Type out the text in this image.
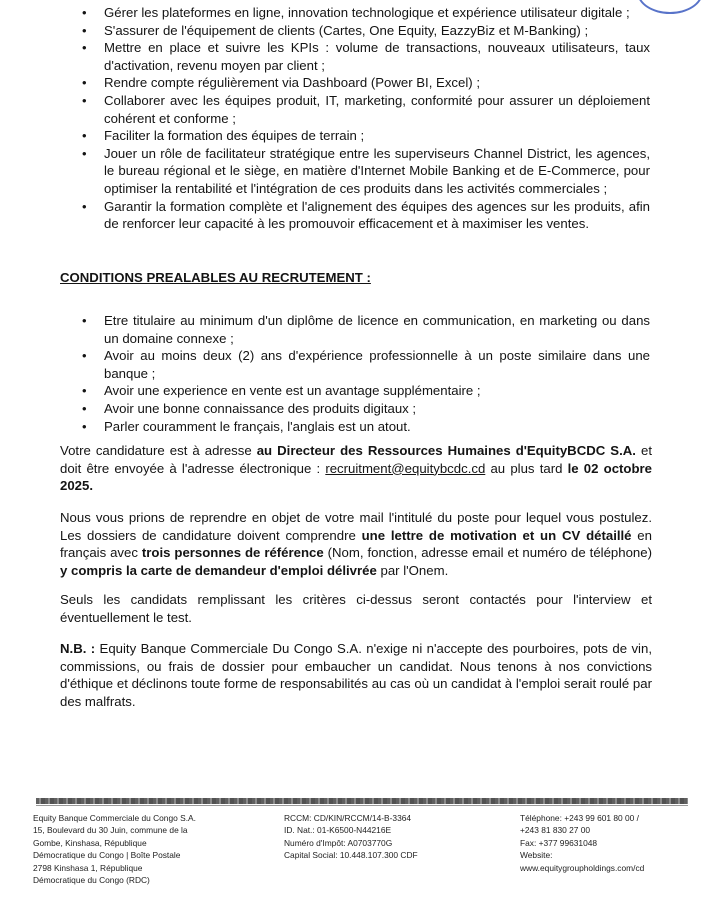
• Gérer les plateformes en ligne, innovation technologique et expérience utilisateur digitale ;
• S'assurer de l'équipement de clients (Cartes, One Equity, EazzyBiz et M-Banking) ;
• Mettre en place et suivre les KPIs : volume de transactions, nouveaux utilisateurs, taux d'activation, revenu moyen par client ;
• Rendre compte régulièrement via Dashboard (Power BI, Excel) ;
• Collaborer avec les équipes produit, IT, marketing, conformité pour assurer un déploiement cohérent et conforme ;
• Faciliter la formation des équipes de terrain ;
• Jouer un rôle de facilitateur stratégique entre les superviseurs Channel District, les agences, le bureau régional et le siège, en matière d'Internet Mobile Banking et de E-Commerce, pour optimiser la rentabilité et l'intégration de ces produits dans les activités commerciales ;
• Garantir la formation complète et l'alignement des équipes des agences sur les produits, afin de renforcer leur capacité à les promouvoir efficacement et à maximiser les ventes.
CONDITIONS PREALABLES AU RECRUTEMENT :
• Etre titulaire au minimum d'un diplôme de licence en communication, en marketing ou dans un domaine connexe ;
• Avoir au moins deux (2) ans d'expérience professionnelle à un poste similaire dans une banque ;
• Avoir une experience en vente est un avantage supplémentaire ;
• Avoir une bonne connaissance des produits digitaux ;
• Parler couramment le français, l'anglais est un atout.

Votre candidature est à adresse au Directeur des Ressources Humaines d'EquityBCDC S.A. et doit être envoyée à l'adresse électronique : recruitment@equitybcdc.cd au plus tard le 02 octobre 2025.

Nous vous prions de reprendre en objet de votre mail l'intitulé du poste pour lequel vous postulez. Les dossiers de candidature doivent comprendre une lettre de motivation et un CV détaillé en français avec trois personnes de référence (Nom, fonction, adresse email et numéro de téléphone) y compris la carte de demandeur d'emploi délivrée par l'Onem.

Seuls les candidats remplissant les critères ci-dessus seront contactés pour l'interview et éventuellement le test.

N.B. : Equity Banque Commerciale Du Congo S.A. n'exige ni n'accepte des pourboires, pots de vin, commissions, ou frais de dossier pour embaucher un candidat. Nous tenons à nos convictions d'éthique et déclinons toute forme de responsabilités au cas où un candidat à l'emploi serait roulé par des malfrats.

Equity Banque Commerciale du Congo S.A.
15, Boulevard du 30 Juin, commune de la
Gombe, Kinshasa, République
Démocratique du Congo | Boîte Postale
2798 Kinshasa 1, République
Démocratique du Congo (RDC)
RCCM: CD/KIN/RCCM/14-B-3364
ID. Nat.: 01-K6500-N44216E
Numéro d'Impôt: A0703770G
Capital Social: 10.448.107.300 CDF
Téléphone: +243 99 601 80 00 /
+243 81 830 27 00
Fax: +377 99631048
Website:
www.equitygroupholdings.com/cd
